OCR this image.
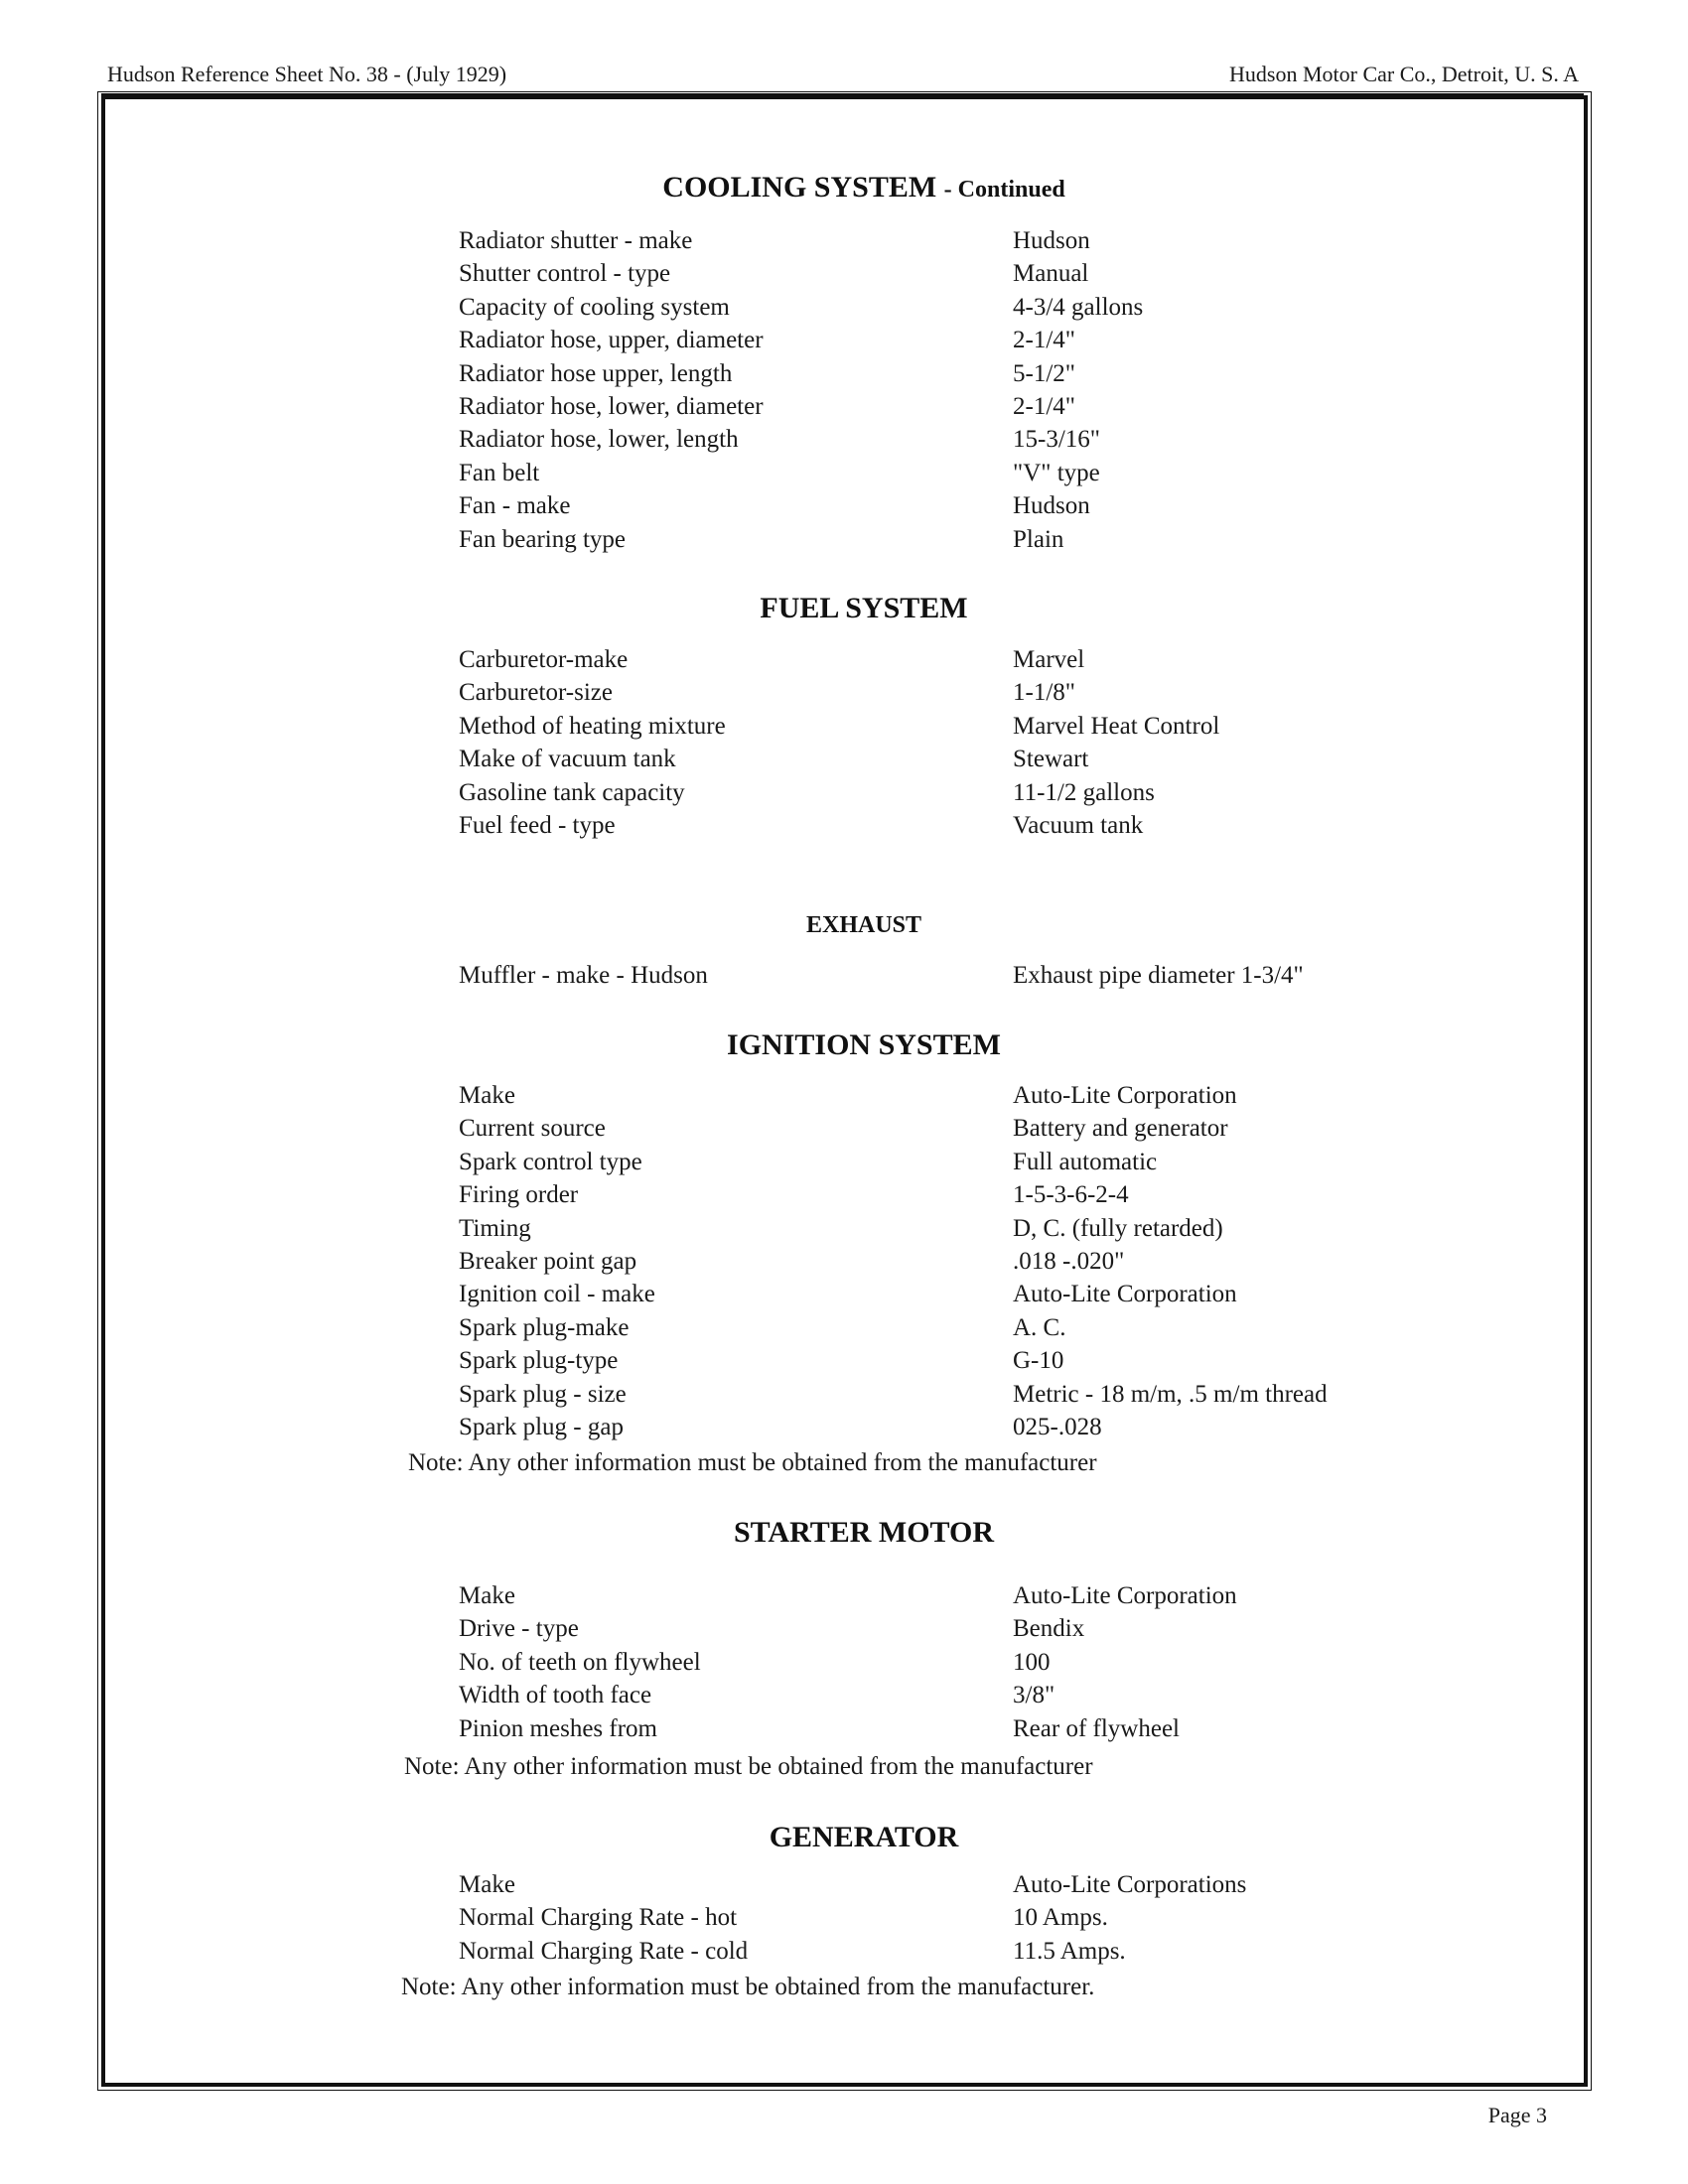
Hudson Reference Sheet No. 38 - (July 1929)	Hudson Motor Car Co., Detroit, U. S. A
COOLING SYSTEM - Continued
Radiator shutter - make	Hudson
Shutter control - type	Manual
Capacity of cooling system	4-3/4 gallons
Radiator hose, upper, diameter	2-1/4"
Radiator hose upper, length	5-1/2"
Radiator hose, lower, diameter	2-1/4"
Radiator hose, lower, length	15-3/16"
Fan belt	"V" type
Fan - make	Hudson
Fan bearing type	Plain
FUEL SYSTEM
Carburetor-make	Marvel
Carburetor-size	1-1/8"
Method of heating mixture	Marvel Heat Control
Make of vacuum tank	Stewart
Gasoline tank capacity	11-1/2 gallons
Fuel feed - type	Vacuum tank
EXHAUST
Muffler - make - Hudson	Exhaust pipe diameter 1-3/4"
IGNITION SYSTEM
Make	Auto-Lite Corporation
Current source	Battery and generator
Spark control type	Full automatic
Firing order	1-5-3-6-2-4
Timing	D, C. (fully retarded)
Breaker point gap	.018 -.020"
Ignition coil - make	Auto-Lite Corporation
Spark plug-make	A. C.
Spark plug-type	G-10
Spark plug - size	Metric - 18 m/m, .5 m/m thread
Spark plug - gap	025-.028
Note: Any other information must be obtained from the manufacturer
STARTER MOTOR
Make	Auto-Lite Corporation
Drive - type	Bendix
No. of teeth on flywheel	100
Width of tooth face	3/8"
Pinion meshes from	Rear of flywheel
Note: Any other information must be obtained from the manufacturer
GENERATOR
Make	Auto-Lite Corporations
Normal Charging Rate - hot	10 Amps.
Normal Charging Rate - cold	11.5 Amps.
Note: Any other information must be obtained from the manufacturer.
Page 3
